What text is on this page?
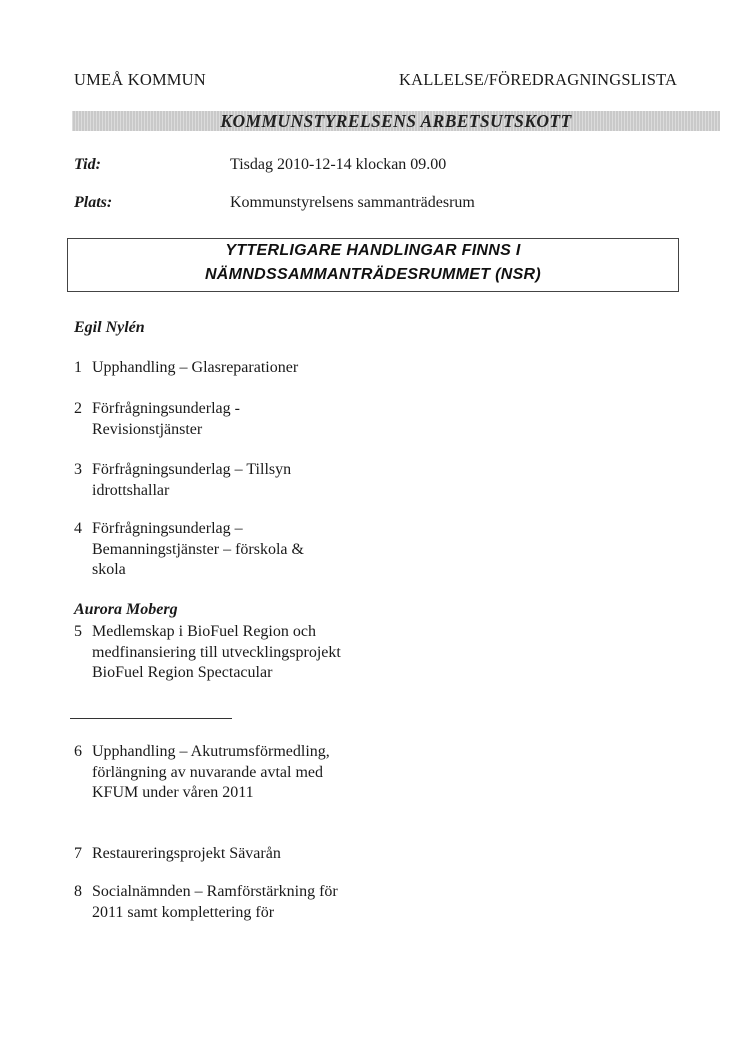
UMEÅ KOMMUN	KALLELSE/FÖREDRAGNINGSLISTA
KOMMUNSTYRELSENS ARBETSUTSKOTT
Tid:	Tisdag 2010-12-14 klockan 09.00
Plats:	Kommunstyrelsens sammanträdesrum
YTTERLIGARE HANDLINGAR FINNS I
NÄMNDSSAMMANTRÄDESRUMMET (NSR)
Egil Nylén
1 Upphandling – Glasreparationer
2 Förfrågningsunderlag - Revisionstjänster
3 Förfrågningsunderlag – Tillsyn idrottshallar
4 Förfrågningsunderlag – Bemanningstjänster – förskola & skola
Aurora Moberg
5 Medlemskap i BioFuel Region och medfinansiering till utvecklingsprojekt BioFuel Region Spectacular
6 Upphandling – Akutrumsförmedling, förlängning av nuvarande avtal med KFUM under våren 2011
7 Restaureringsprojekt Sävarån
8 Socialnämnden – Ramförstärkning för 2011 samt komplettering för
